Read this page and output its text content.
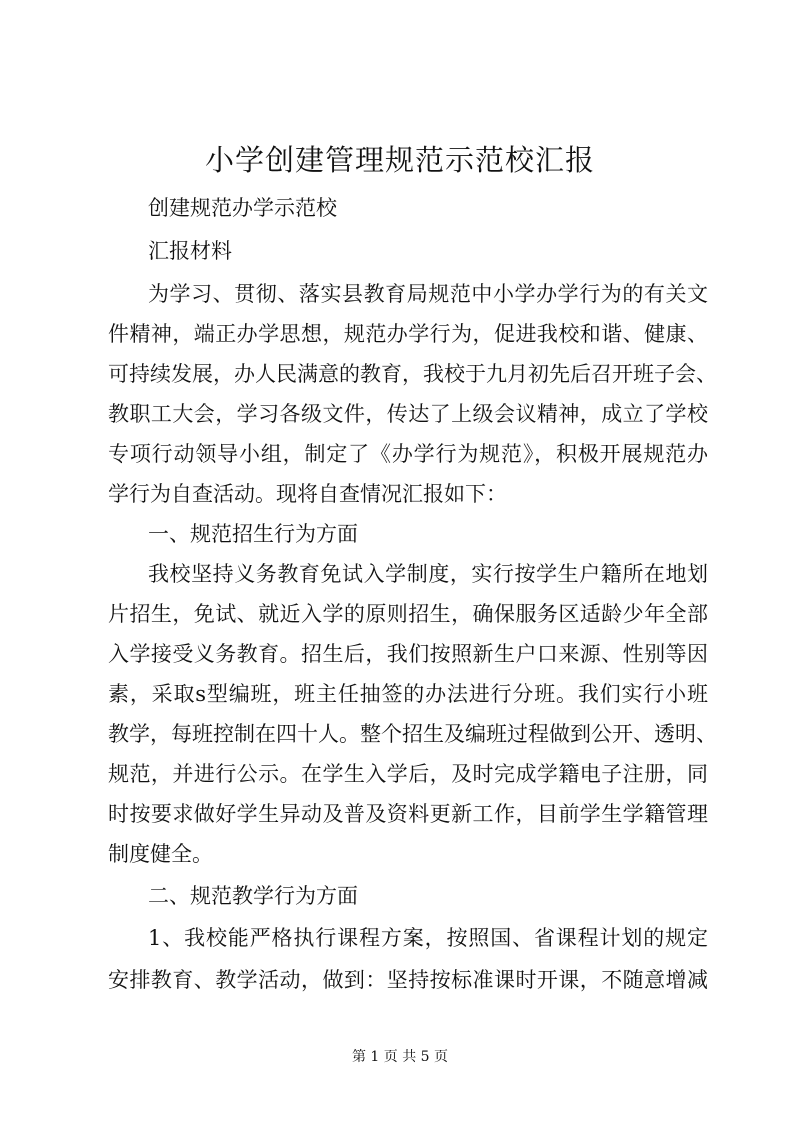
小学创建管理规范示范校汇报
创建规范办学示范校
汇报材料
为学习、贯彻、落实县教育局规范中小学办学行为的有关文
件精神，端正办学思想，规范办学行为，促进我校和谐、健康、
可持续发展，办人民满意的教育，我校于九月初先后召开班子会、
教职工大会，学习各级文件，传达了上级会议精神，成立了学校
专项行动领导小组，制定了《办学行为规范》，积极开展规范办
学行为自查活动。现将自查情况汇报如下：
一、规范招生行为方面
我校坚持义务教育免试入学制度，实行按学生户籍所在地划
片招生，免试、就近入学的原则招生，确保服务区适龄少年全部
入学接受义务教育。招生后，我们按照新生户口来源、性别等因
素，采取s型编班，班主任抽签的办法进行分班。我们实行小班
教学，每班控制在四十人。整个招生及编班过程做到公开、透明、
规范，并进行公示。在学生入学后，及时完成学籍电子注册，同
时按要求做好学生异动及普及资料更新工作，目前学生学籍管理
制度健全。
二、规范教学行为方面
1、我校能严格执行课程方案，按照国、省课程计划的规定
安排教育、教学活动，做到：坚持按标准课时开课，不随意增减
第 1 页 共 5 页
